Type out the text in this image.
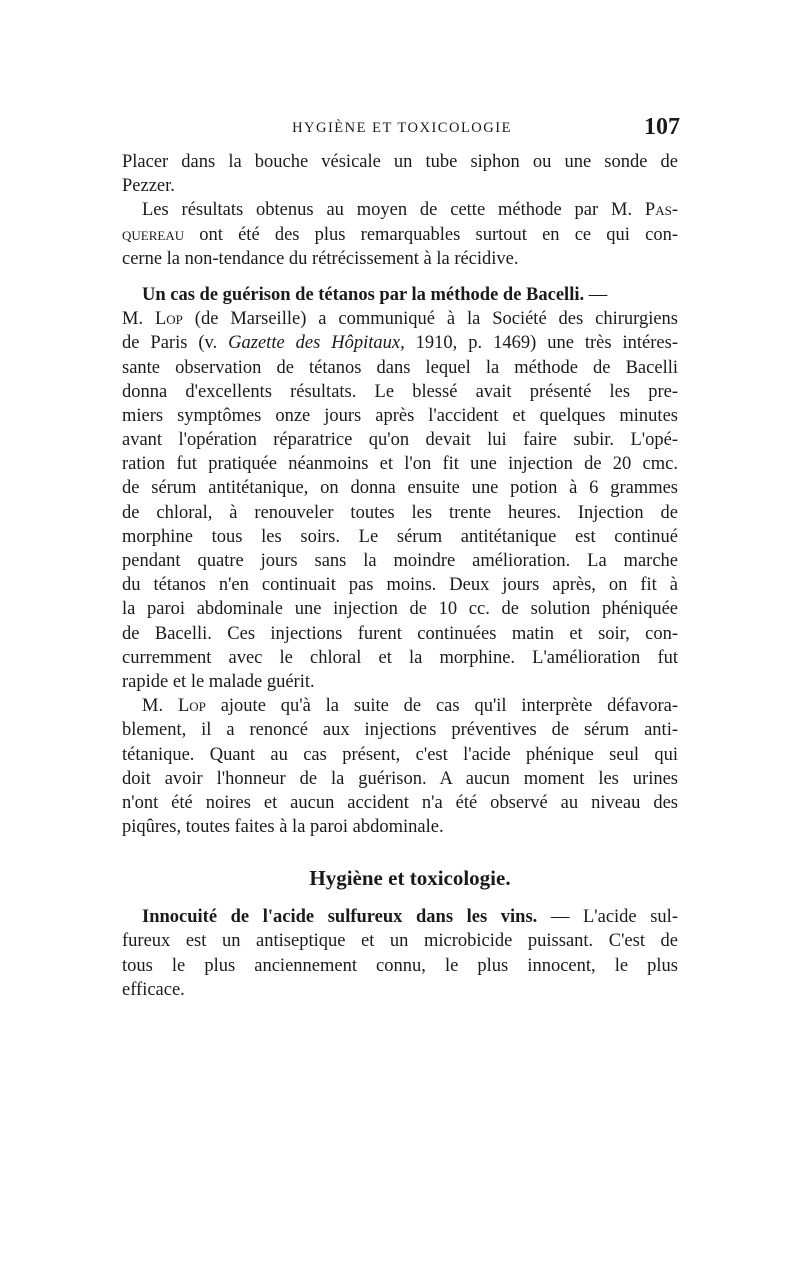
HYGIÈNE ET TOXICOLOGIE	107
Placer dans la bouche vésicale un tube siphon ou une sonde de
Pezzer.
Les résultats obtenus au moyen de cette méthode par M. Pas-
quereau ont été des plus remarquables surtout en ce qui con-
cerne la non-tendance du rétrécissement à la récidive.
Un cas de guérison de tétanos par la méthode de Bacelli. —
M. Lop (de Marseille) a communiqué à la Société des chirurgiens
de Paris (v. Gazette des Hôpitaux, 1910, p. 1469) une très intéres-
sante observation de tétanos dans lequel la méthode de Bacelli
donna d'excellents résultats. Le blessé avait présenté les pre-
miers symptômes onze jours après l'accident et quelques minutes
avant l'opération réparatrice qu'on devait lui faire subir. L'opé-
ration fut pratiquée néanmoins et l'on fit une injection de 20 cmc.
de sérum antitétanique, on donna ensuite une potion à 6 grammes
de chloral, à renouveler toutes les trente heures. Injection de
morphine tous les soirs. Le sérum antitétanique est continué
pendant quatre jours sans la moindre amélioration. La marche
du tétanos n'en continuait pas moins. Deux jours après, on fit à
la paroi abdominale une injection de 10 cc. de solution phéniquée
de Bacelli. Ces injections furent continuées matin et soir, con-
curremment avec le chloral et la morphine. L'amélioration fut
rapide et le malade guérit.
M. Lop ajoute qu'à la suite de cas qu'il interprète défavora-
blement, il a renoncé aux injections préventives de sérum anti-
tétanique. Quant au cas présent, c'est l'acide phénique seul qui
doit avoir l'honneur de la guérison. A aucun moment les urines
n'ont été noires et aucun accident n'a été observé au niveau des
piqûres, toutes faites à la paroi abdominale.
Hygiène et toxicologie.
Innocuité de l'acide sulfureux dans les vins. — L'acide sul-
fureux est un antiseptique et un microbicide puissant. C'est de
tous le plus anciennement connu, le plus innocent, le plus
efficace.
